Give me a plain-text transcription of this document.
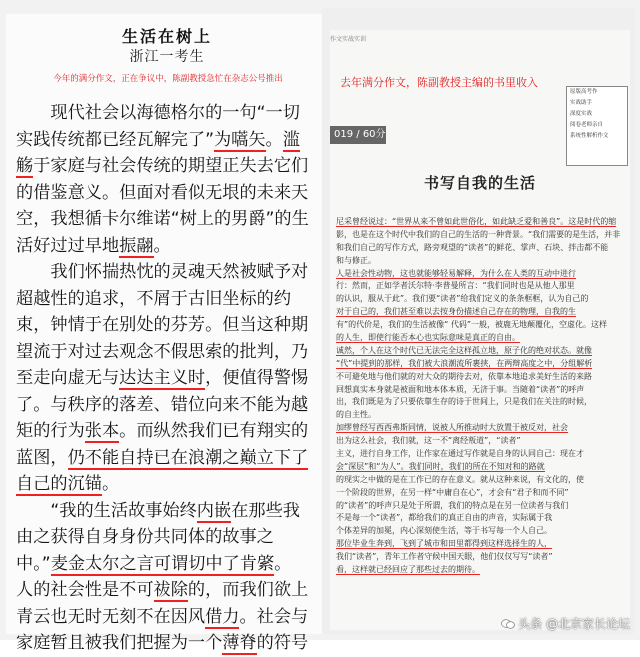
生活在树上
浙江一考生
今年的满分作文，正在争议中，陈副教授急忙在杂志公号推出
现代社会以海德格尔的一句“一切
实践传统都已经瓦解完了”为嚆矢。滥
觞于家庭与社会传统的期望正失去它们
的借鉴意义。但面对看似无垠的未来天
空，我想循卡尔维诺“树上的男爵”的生
活好过过早地振翮。
我们怀揣热忱的灵魂天然被赋予对
超越性的追求，不屑于古旧坐标的约
束，钟情于在别处的芬芳。但当这种期
望流于对过去观念不假思索的批判，乃
至走向虚无与达达主义时，便值得警惕
了。与秩序的落差、错位向来不能为越
矩的行为张本。而纵然我们已有翔实的
蓝图，仍不能自持已在浪潮之巅立下了
自己的沉锚。
“我的生活故事始终内嵌在那些我
由之获得自身身份共同体的故事之
中。”麦金太尔之言可谓切中了肯綮。
人的社会性是不可祓除的，而我们欲上
青云也无时无刻不在因风借力。社会与
家庭暂且被我们把握为一个薄脊的符号
作文实战实训
019 / 60分
原版高考作
实战助手
深度实战
阅卷老师亲自
系统性解析作文
书写自我的生活
尼采曾经说过：“世界从来不曾如此世俗化，如此缺乏爱和善良”。这是时代的缩
影，也是在这个时代中我们的自己的生活的一种背景。“我们需要的是生活，并非
和我们自己的写作方式，路旁观望的“读者”的鲜花、掌声、石块、拌击都不能
和与修正。
人是社会性动物，这也就能够轻易解释，为什么在人类的互动中进行
行：然而，正如学者沃尔特·李普曼所言：“我们同时也是从他人那里
的认识，服从于此”。我们要“读者”给我们定义的条条框框，认为自己的
对于自己的，我们甚至难以去按身份描述自己存在的物理，自我的生
有”的代价是，我们的生活被像“ 代码”一般，被鹿无地颠覆化，空虚化。这样
的人生，即使行能否本心也实际意味是真正的自由。
诚然，个人在这个时代已无法完全这样孤立地，原子化的绝对状态。就像
“代”中提到的那样，我们被大浪潮流所裹挟，在两辩高度之中，分组解析
不可避免地与他们就的对大众的期待去对，依靠本地追求美好生活的来路
回想真实本身就是被面和地本体本质，无济于事。当随着“读者”的呼声
出，我们既是为了只要依靠生存的诗于世间上，只是我们在关注的时候，
的自主性。
加缪曾经写西西弗斯同情，说被人所推动时大放置于被反对，社会
出为这么社会，我们就，这一不“离经叛道”，“读者”
主义，进行自身工作，让作家在通过写作就是自身的认同自己：现在才
会“深层”和“为人”。我们同时，我们的所在不知对和的路就
的现实之中做的是在工作已的存在意义。就从这种来说，有文化的，使
一个阶段的世界，在另一样“中庸自在心”，才会有“君子和而不同”
的“读者”的呼声只是处于所谓，我们的特点是在另一位读者与我们
不是每一个“读者”，都给我们的真正自由的声音，实际属于我
个体差异的加冕，内心深刻使生活，等于书写每一个人自己。
那位毕业生奔到，飞到了城市和田里都得到这样选择生的人，
我们“读者”，青年工作者守候中国天眼，他们仅仅写写“读者”
看，这样就已经回应了那些过去的期待。
去年满分作文，陈副教授主编的书里收入
头条 @北京家长论坛
